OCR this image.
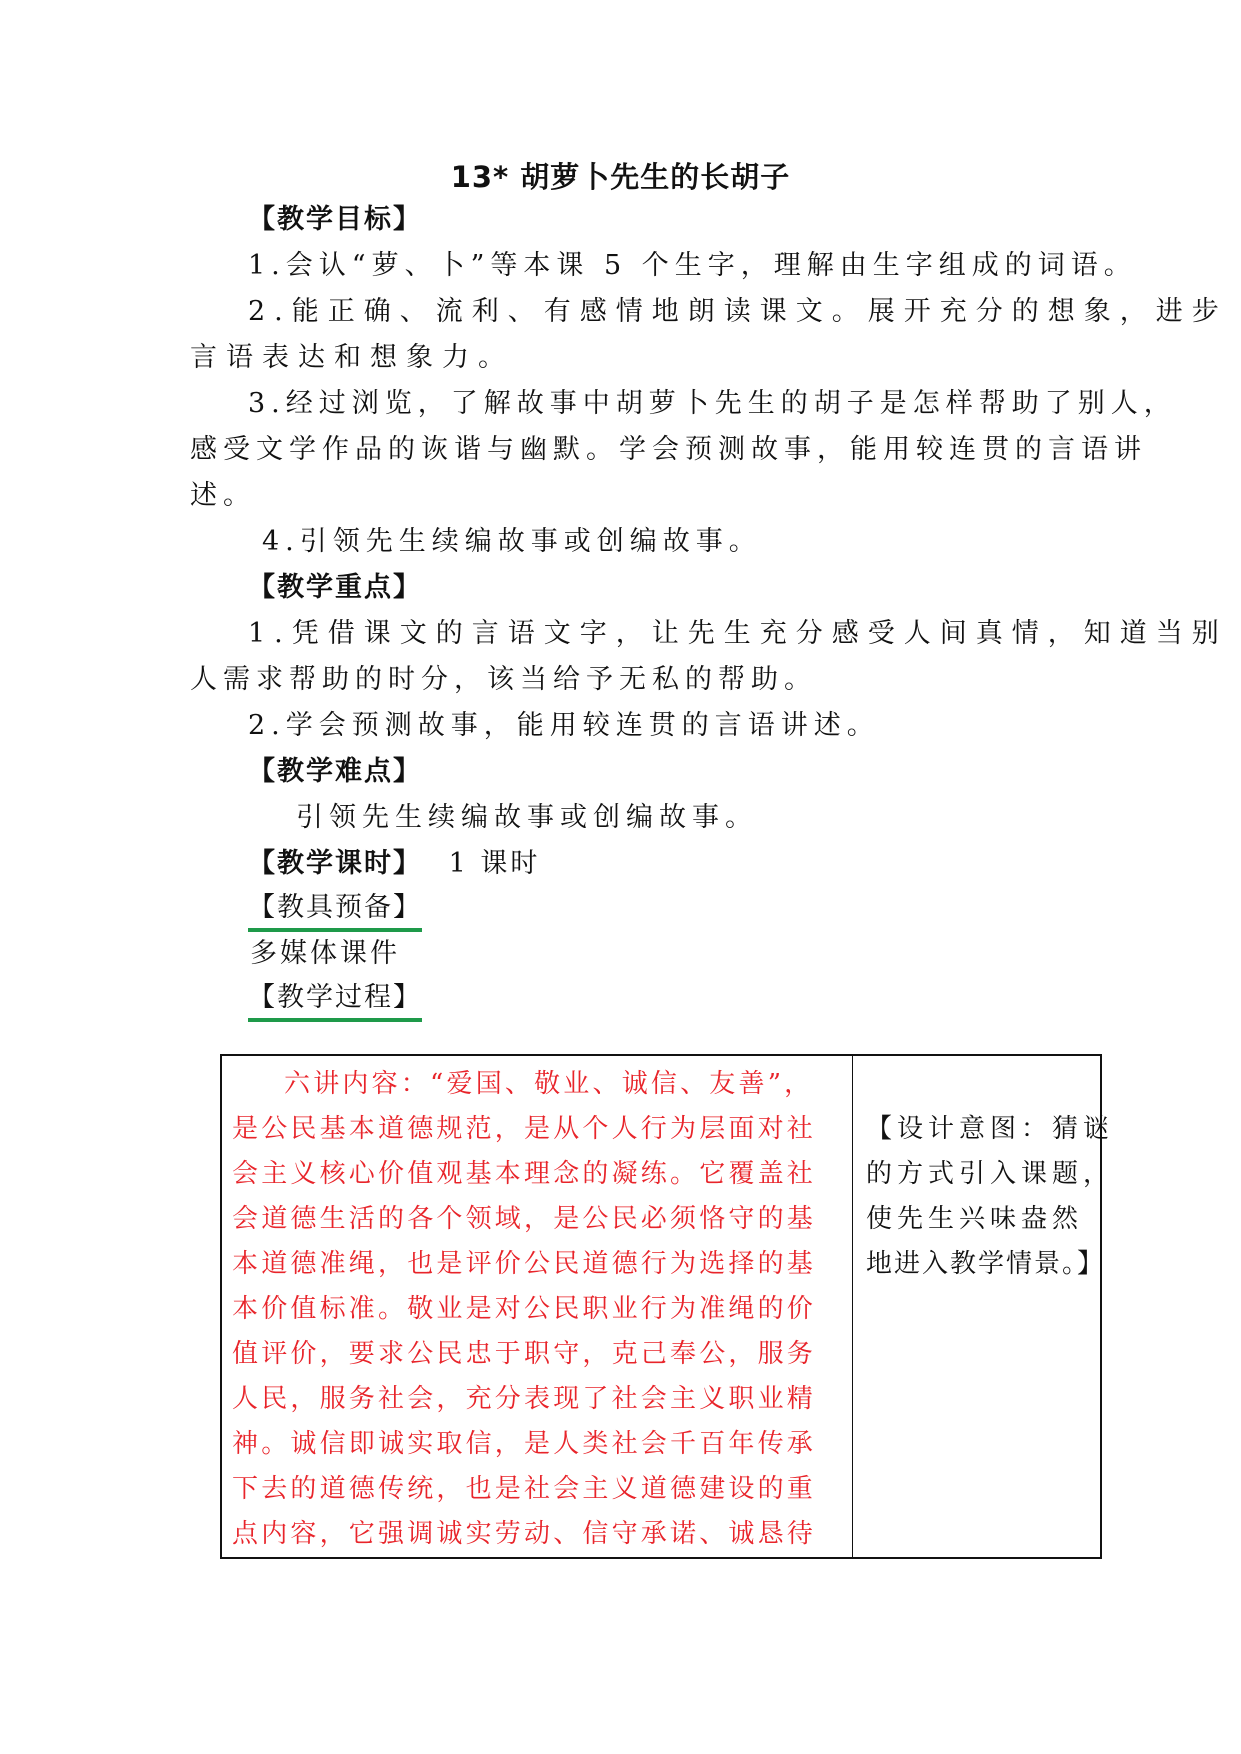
13* 胡萝卜先生的长胡子
【教学目标】
1.会认“萝、卜”等本课 5 个生字，理解由生字组成的词语。
2.能正确、流利、有感情地朗读课文。展开充分的想象，进步
言语表达和想象力。
3.经过浏览，了解故事中胡萝卜先生的胡子是怎样帮助了别人，
感受文学作品的诙谐与幽默。学会预测故事，能用较连贯的言语讲
述。
4.引领先生续编故事或创编故事。
【教学重点】
1.凭借课文的言语文字，让先生充分感受人间真情，知道当别
人需求帮助的时分，该当给予无私的帮助。
2.学会预测故事，能用较连贯的言语讲述。
【教学难点】
引领先生续编故事或创编故事。
【教学课时】 1 课时
【教具预备】
多媒体课件
【教学过程】
六讲内容：“爱国、敬业、诚信、友善”，
是公民基本道德规范，是从个人行为层面对社
会主义核心价值观基本理念的凝练。它覆盖社
会道德生活的各个领域，是公民必须恪守的基
本道德准绳，也是评价公民道德行为选择的基
本价值标准。敬业是对公民职业行为准绳的价
值评价，要求公民忠于职守，克己奉公，服务
人民，服务社会，充分表现了社会主义职业精
神。诚信即诚实取信，是人类社会千百年传承
下去的道德传统，也是社会主义道德建设的重
点内容，它强调诚实劳动、信守承诺、诚恳待
【设计意图：猜谜
的方式引入课题，
使先生兴味盎然
地进入教学情景。】
